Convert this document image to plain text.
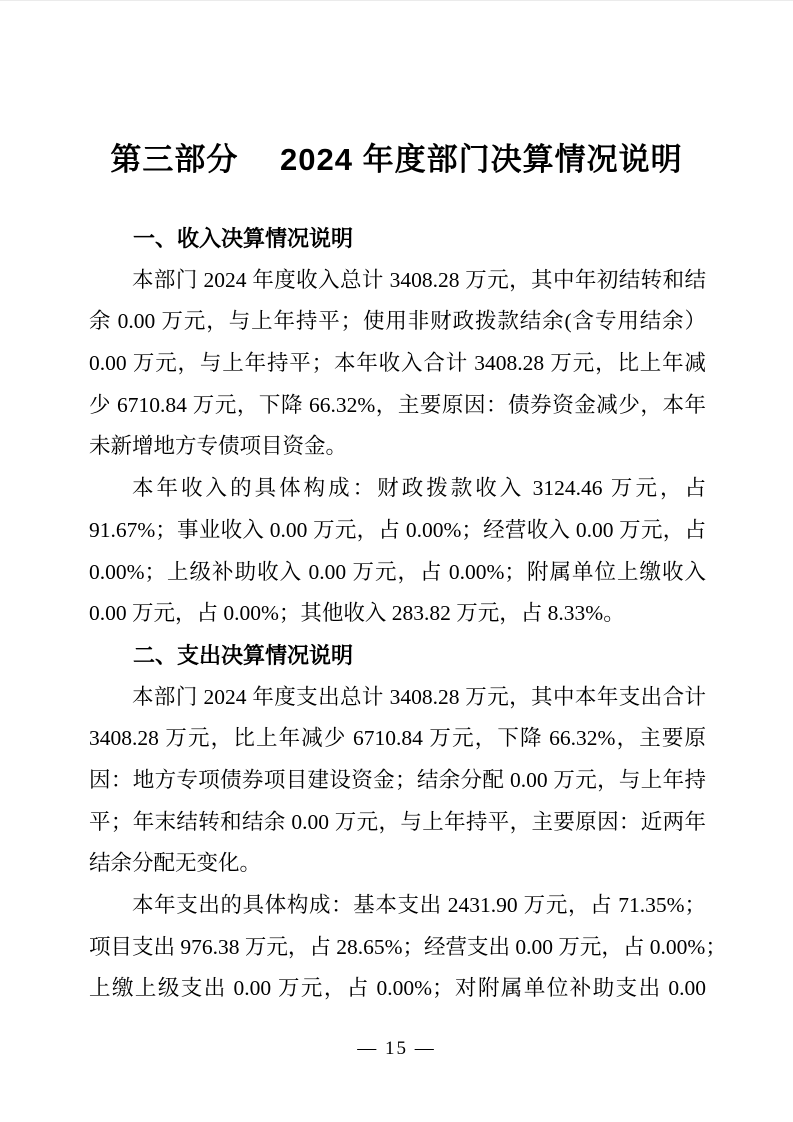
第三部分　 2024 年度部门决算情况说明
一、收入决算情况说明
本部门 2024 年度收入总计 3408.28 万元，其中年初结转和结
余 0.00 万元，与上年持平；使用非财政拨款结余(含专用结余）
0.00 万元，与上年持平；本年收入合计 3408.28 万元，比上年减
少 6710.84 万元，下降 66.32%，主要原因：债券资金减少，本年
未新增地方专债项目资金。
本年收入的具体构成：财政拨款收入 3124.46 万元，占
91.67%；事业收入 0.00 万元，占 0.00%；经营收入 0.00 万元，占
0.00%；上级补助收入 0.00 万元，占 0.00%；附属单位上缴收入
0.00 万元，占 0.00%；其他收入 283.82 万元，占 8.33%。
二、支出决算情况说明
本部门 2024 年度支出总计 3408.28 万元，其中本年支出合计
3408.28 万元，比上年减少 6710.84 万元，下降 66.32%，主要原
因：地方专项债券项目建设资金；结余分配 0.00 万元，与上年持
平；年末结转和结余 0.00 万元，与上年持平，主要原因：近两年
结余分配无变化。
本年支出的具体构成：基本支出 2431.90 万元，占 71.35%；
项目支出 976.38 万元，占 28.65%；经营支出 0.00 万元，占 0.00%；
上缴上级支出 0.00 万元，占 0.00%；对附属单位补助支出 0.00
— 15 —
